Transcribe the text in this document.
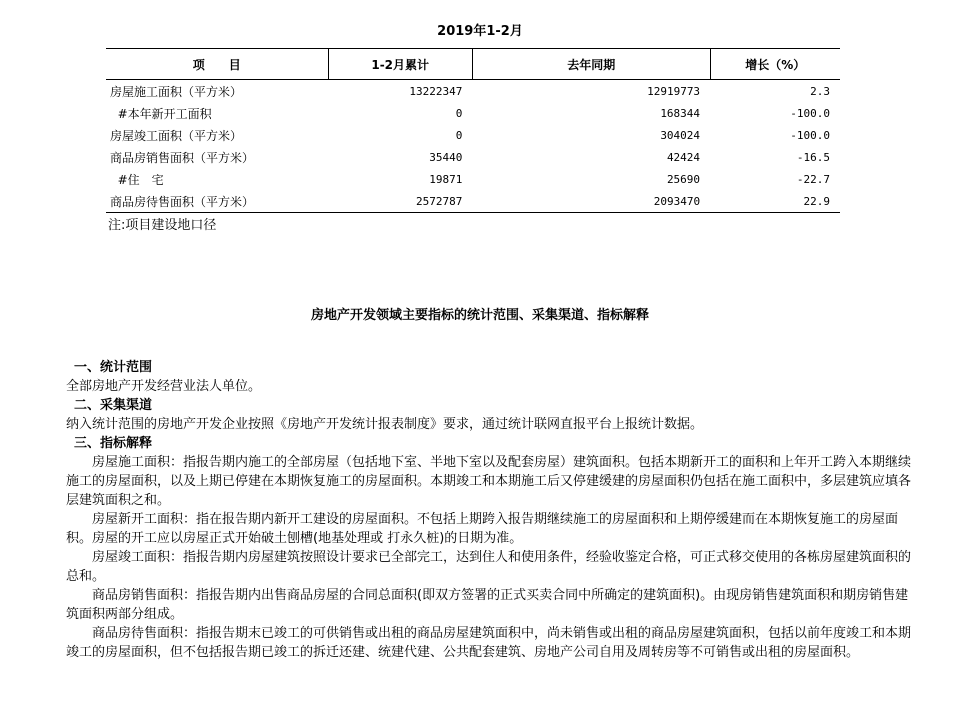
2019年1-2月
项　　目	1-2月累计	去年同期	增长（%）
房屋施工面积（平方米）	13222347	12919773	2.3
#本年新开工面积	0	168344	-100.0
房屋竣工面积（平方米）	0	304024	-100.0
商品房销售面积（平方米）	35440	42424	-16.5
#住　宅	19871	25690	-22.7
商品房待售面积（平方米）	2572787	2093470	22.9
注:项目建设地口径
房地产开发领域主要指标的统计范围、采集渠道、指标解释

一、统计范围

全部房地产开发经营业法人单位。

二、采集渠道

纳入统计范围的房地产开发企业按照《房地产开发统计报表制度》要求，通过统计联网直报平台上报统计数据。

三、指标解释

房屋施工面积：指报告期内施工的全部房屋（包括地下室、半地下室以及配套房屋）建筑面积。包括本期新开工的面积和上年开工跨入本期继续施工的房屋面积，以及上期已停建在本期恢复施工的房屋面积。本期竣工和本期施工后又停建缓建的房屋面积仍包括在施工面积中，多层建筑应填各层建筑面积之和。

房屋新开工面积：指在报告期内新开工建设的房屋面积。不包括上期跨入报告期继续施工的房屋面积和上期停缓建而在本期恢复施工的房屋面积。房屋的开工应以房屋正式开始破土刨槽(地基处理或 打永久桩)的日期为准。

房屋竣工面积：指报告期内房屋建筑按照设计要求已全部完工，达到住人和使用条件，经验收鉴定合格，可正式移交使用的各栋房屋建筑面积的总和。

商品房销售面积：指报告期内出售商品房屋的合同总面积(即双方签署的正式买卖合同中所确定的建筑面积)。由现房销售建筑面积和期房销售建筑面积两部分组成。

商品房待售面积：指报告期末已竣工的可供销售或出租的商品房屋建筑面积中，尚未销售或出租的商品房屋建筑面积，包括以前年度竣工和本期竣工的房屋面积，但不包括报告期已竣工的拆迁还建、统建代建、公共配套建筑、房地产公司自用及周转房等不可销售或出租的房屋面积。
